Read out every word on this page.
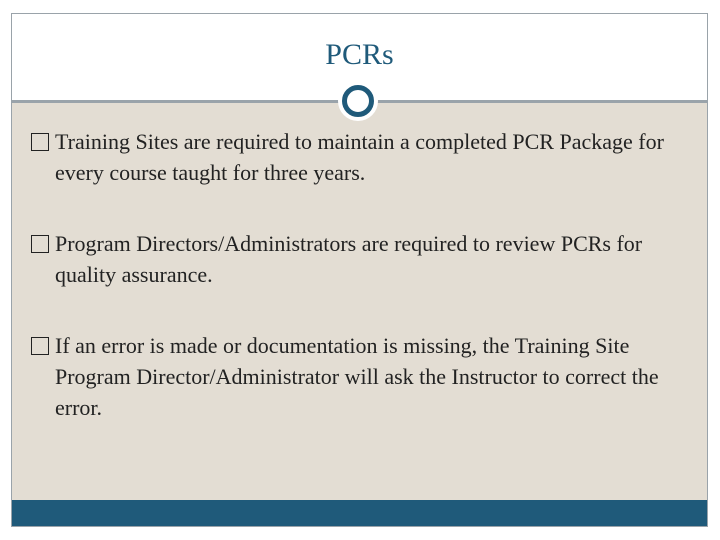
PCRs
Training Sites are required to maintain a completed PCR Package for every course taught for three years.
Program Directors/Administrators are required to review PCRs for quality assurance.
If an error is made or documentation is missing, the Training Site Program Director/Administrator will ask the Instructor to correct the error.
